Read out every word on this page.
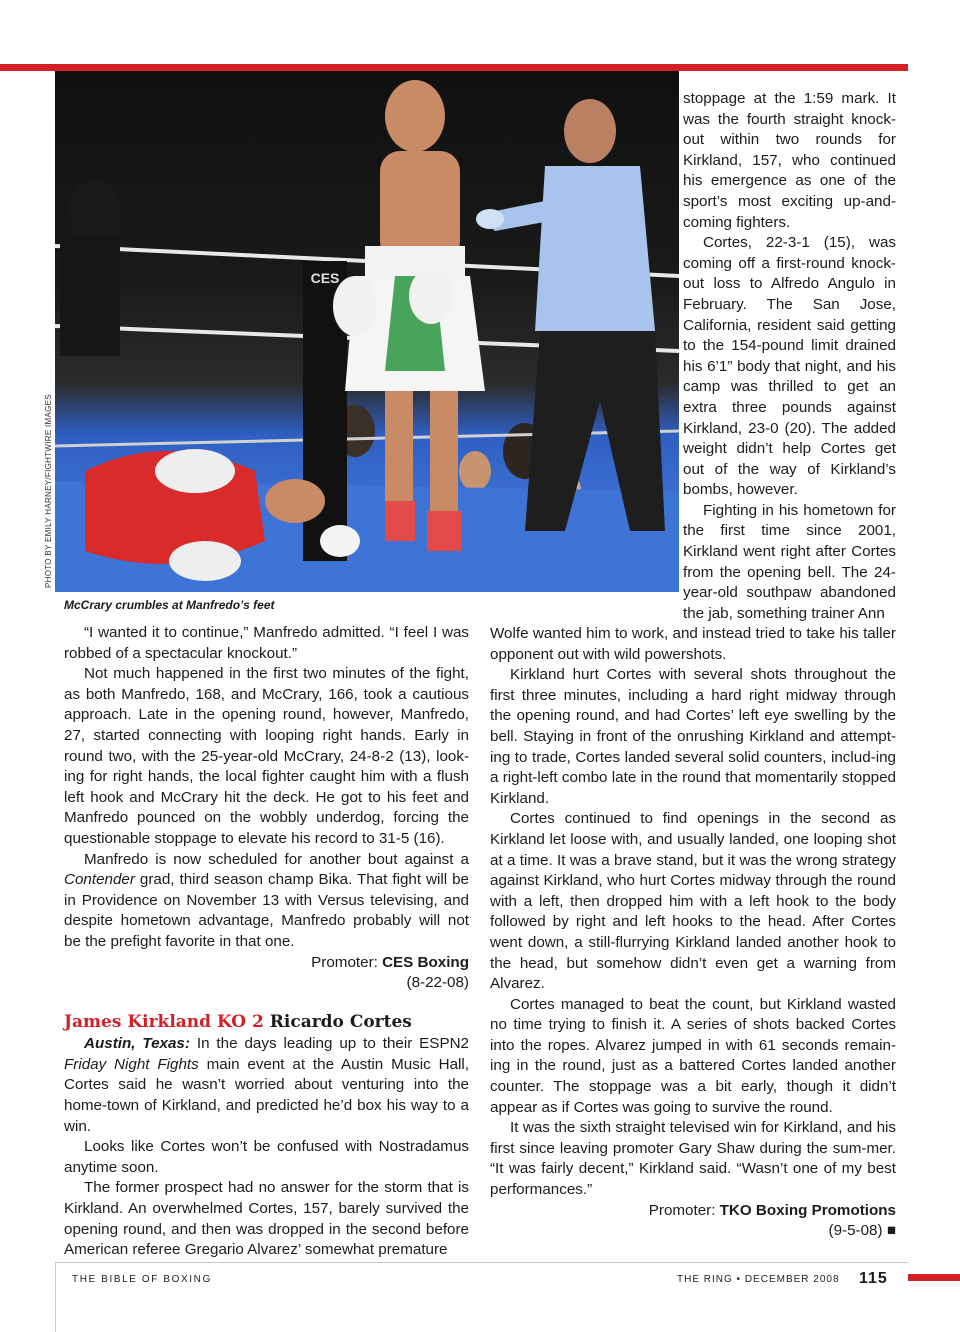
CES
PHOTO BY EMILY HARNEY/FIGHTWIRE IMAGES
McCrary crumbles at Manfredo’s feet

stoppage at the 1:59 mark. It was the fourth straight knock-out within two rounds for Kirkland, 157, who continued his emergence as one of the sport’s most exciting up-and-coming fighters.

Cortes, 22-3-1 (15), was coming off a first-round knock-out loss to Alfredo Angulo in February. The San Jose, California, resident said getting to the 154-pound limit drained his 6’1” body that night, and his camp was thrilled to get an extra three pounds against Kirkland, 23-0 (20). The added weight didn’t help Cortes get out of the way of Kirkland’s bombs, however.

Fighting in his hometown for the first time since 2001, Kirkland went right after Cortes from the opening bell. The 24-year-old southpaw abandoned the jab, something trainer Ann

“I wanted it to continue,” Manfredo admitted. “I feel I was robbed of a spectacular knockout.”

Not much happened in the first two minutes of the fight, as both Manfredo, 168, and McCrary, 166, took a cautious approach. Late in the opening round, however, Manfredo, 27, started connecting with looping right hands. Early in round two, with the 25-year-old McCrary, 24-8-2 (13), look-ing for right hands, the local fighter caught him with a flush left hook and McCrary hit the deck. He got to his feet and Manfredo pounced on the wobbly underdog, forcing the questionable stoppage to elevate his record to 31-5 (16).

Manfredo is now scheduled for another bout against a Contender grad, third season champ Bika. That fight will be in Providence on November 13 with Versus televising, and despite hometown advantage, Manfredo probably will not be the prefight favorite in that one.

Promoter: CES Boxing
(8-22-08)
James Kirkland KO 2 Ricardo Cortes

Austin, Texas: In the days leading up to their ESPN2 Friday Night Fights main event at the Austin Music Hall, Cortes said he wasn’t worried about venturing into the home-town of Kirkland, and predicted he’d box his way to a win.

Looks like Cortes won’t be confused with Nostradamus anytime soon.

The former prospect had no answer for the storm that is Kirkland. An overwhelmed Cortes, 157, barely survived the opening round, and then was dropped in the second before American referee Gregario Alvarez’ somewhat premature

Wolfe wanted him to work, and instead tried to take his taller opponent out with wild powershots.

Kirkland hurt Cortes with several shots throughout the first three minutes, including a hard right midway through the opening round, and had Cortes’ left eye swelling by the bell. Staying in front of the onrushing Kirkland and attempt-ing to trade, Cortes landed several solid counters, includ-ing a right-left combo late in the round that momentarily stopped Kirkland.

Cortes continued to find openings in the second as Kirkland let loose with, and usually landed, one looping shot at a time. It was a brave stand, but it was the wrong strategy against Kirkland, who hurt Cortes midway through the round with a left, then dropped him with a left hook to the body followed by right and left hooks to the head. After Cortes went down, a still-flurrying Kirkland landed another hook to the head, but somehow didn’t even get a warning from Alvarez.

Cortes managed to beat the count, but Kirkland wasted no time trying to finish it. A series of shots backed Cortes into the ropes. Alvarez jumped in with 61 seconds remain-ing in the round, just as a battered Cortes landed another counter. The stoppage was a bit early, though it didn’t appear as if Cortes was going to survive the round.

It was the sixth straight televised win for Kirkland, and his first since leaving promoter Gary Shaw during the sum-mer. “It was fairly decent,” Kirkland said. “Wasn’t one of my best performances.”

Promoter: TKO Boxing Promotions
(9-5-08) ■
THE BIBLE OF BOXING	THE RING • DECEMBER 2008 115
